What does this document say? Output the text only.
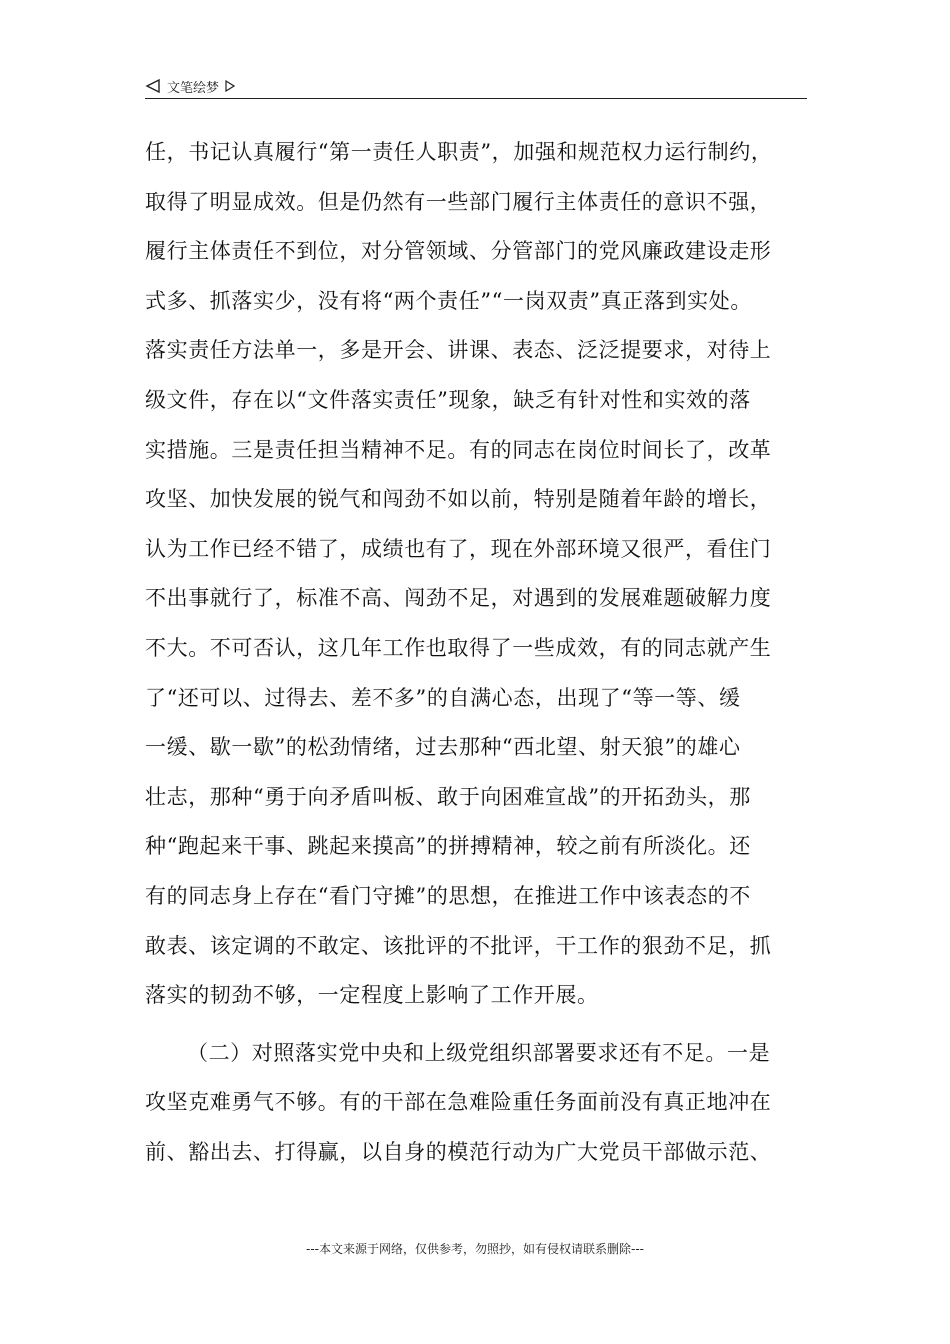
文笔绘梦
任，书记认真履行“第一责任人职责”，加强和规范权力运行制约，
取得了明显成效。但是仍然有一些部门履行主体责任的意识不强，
履行主体责任不到位，对分管领域、分管部门的党风廉政建设走形
式多、抓落实少，没有将“两个责任”“一岗双责”真正落到实处。
落实责任方法单一，多是开会、讲课、表态、泛泛提要求，对待上
级文件，存在以“文件落实责任”现象，缺乏有针对性和实效的落
实措施。三是责任担当精神不足。有的同志在岗位时间长了，改革
攻坚、加快发展的锐气和闯劲不如以前，特别是随着年龄的增长，
认为工作已经不错了，成绩也有了，现在外部环境又很严，看住门
不出事就行了，标准不高、闯劲不足，对遇到的发展难题破解力度
不大。不可否认，这几年工作也取得了一些成效，有的同志就产生
了“还可以、过得去、差不多”的自满心态，出现了“等一等、缓
一缓、歇一歇”的松劲情绪，过去那种“西北望、射天狼”的雄心
壮志，那种“勇于向矛盾叫板、敢于向困难宣战”的开拓劲头，那
种“跑起来干事、跳起来摸高”的拼搏精神，较之前有所淡化。还
有的同志身上存在“看门守摊”的思想，在推进工作中该表态的不
敢表、该定调的不敢定、该批评的不批评，干工作的狠劲不足，抓
落实的韧劲不够，一定程度上影响了工作开展。
（二）对照落实党中央和上级党组织部署要求还有不足。一是
攻坚克难勇气不够。有的干部在急难险重任务面前没有真正地冲在
前、豁出去、打得赢，以自身的模范行动为广大党员干部做示范、
---本文来源于网络，仅供参考，勿照抄，如有侵权请联系删除---
